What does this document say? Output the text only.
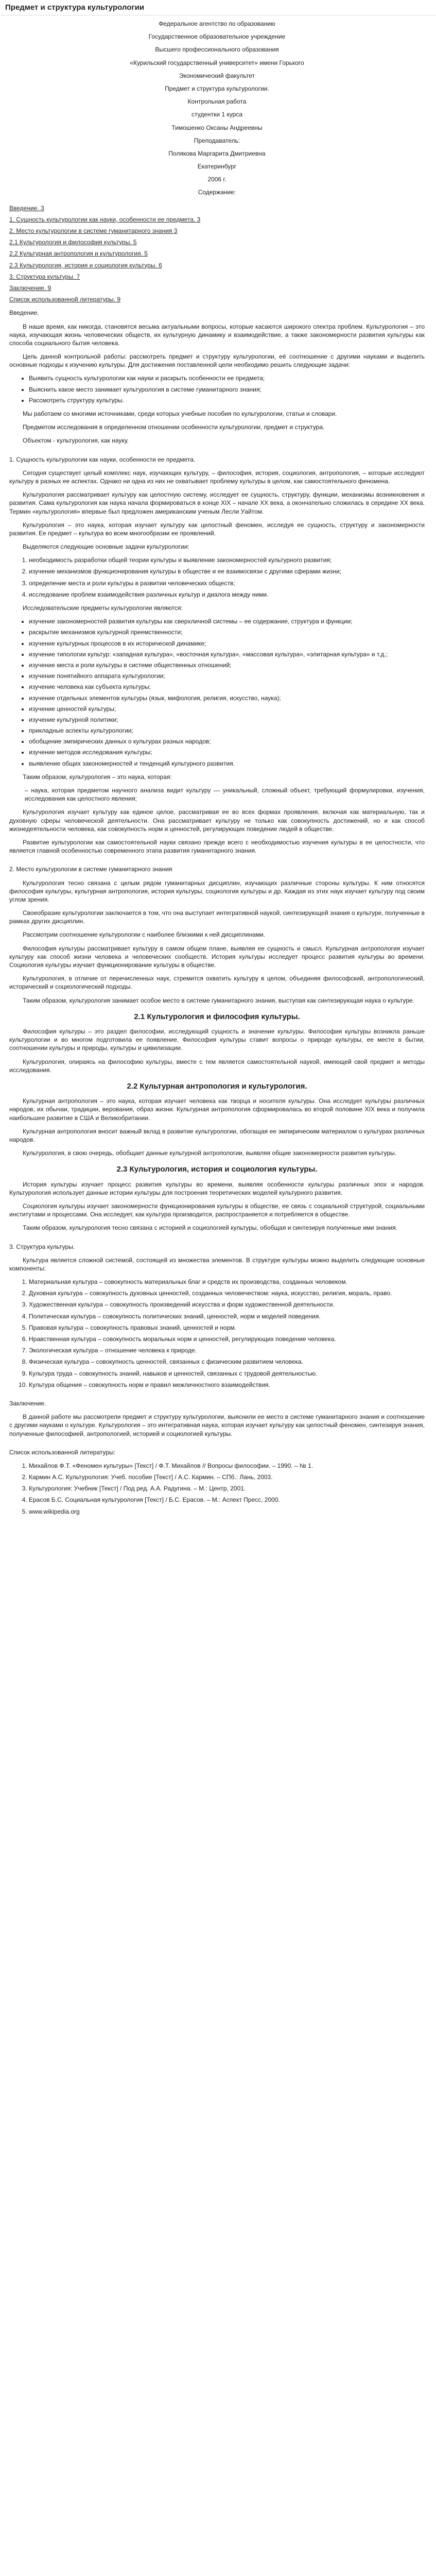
Предмет и структура культурологии

Федеральное агентство по образованию

Государственное образовательное учреждение

Высшего профессионального образования

«Курильский государственный университет» имени Горького

Экономический факультет

Предмет и структура культурологии.

Контрольная работа

студентки 1 курса

Тимошенко Оксаны Андреевны

Преподаватель:

Полякова Маргарита Дмитриевна

Екатеринбург

2006 г.

Содержание:

Введение. 3

1. Сущность культурологии как науки, особенности ее предмета. 3

2. Место культурологии в системе гуманитарного знания 3

2.1 Культурология и философия культуры. 5

2.2 Культурная антропология и культурология. 5

2.3 Культурология, история и социология культуры. 6

3. Структура культуры. 7

Заключение. 9

Список использованной литературы. 9

Введение.

В наше время, как никогда, становятся весьма актуальными вопросы, которые касаются широкого спектра проблем. Культурология – это наука, изучающая жизнь человеческих обществ, их культурную динамику и взаимодействие, а также закономерности развития культуры как способа социального бытия человека.

Цель данной контрольной работы: рассмотреть предмет и структуру культурологии, её соотношение с другими науками и выделить основные подходы к изучению культуры. Для достижения поставленной цели необходимо решить следующие задачи:

• Выявить сущность культурологии как науки и раскрыть особенности ее предмета;
• Выяснить какое место занимает культурология в системе гуманитарного знания;
• Рассмотреть структуру культуры.

Мы работаем со многими источниками, среди которых учебные пособия по культурологии, статьи и словари.

Предметом исследования в определенном отношении особенности культурологии, предмет и структура.

Объектом - культурология, как науку.

1. Сущность культурологии как науки, особенности ее предмета.

Сегодня существует целый комплекс наук, изучающих культуру, – философия, история, социология, антропология, – которые исследуют культуру в разных ее аспектах. Однако ни одна из них не охватывает проблему культуры в целом, как самостоятельного феномена.

Культурология рассматривает культуру как целостную систему, исследует ее сущность, структуру, функции, механизмы возникновения и развития. Сама культурология как наука начала формироваться в конце XIX – начале XX века, а окончательно сложилась в середине XX века. Термин «культурология» впервые был предложен американским ученым Лесли Уайтом.

Культурология – это наука, которая изучает культуру как целостный феномен, исследуя ее сущность, структуру и закономерности развития. Ее предмет – культура во всем многообразии ее проявлений.

Выделяются следующие основные задачи культурологии:

1. необходимость разработки общей теории культуры и выявление закономерностей культурного развития;
2. изучение механизмов функционирования культуры в обществе и ее взаимосвязи с другими сферами жизни;
3. определение места и роли культуры в развитии человеческих обществ;
4. исследование проблем взаимодействия различных культур и диалога между ними.

Исследовательские предметы культурологии являются:

• изучение закономерностей развития культуры как сверхличной системы – ее содержание, структура и функции;
• раскрытие механизмов культурной преемственности;
• изучение культурных процессов в их исторической динамике;
• изучение типологии культур: «западная культура», «восточная культура», «массовая культура», «элитарная культура» и т.д.;
• изучение места и роли культуры в системе общественных отношений;
• изучение понятийного аппарата культурологии;
• изучение человека как субъекта культуры;
• изучение отдельных элементов культуры (язык, мифология, религия, искусство, наука);
• изучение ценностей культуры;
• изучение культурной политики;
• прикладные аспекты культурологии;
• обобщение эмпирических данных о культурах разных народов;
• изучение методов исследования культуры;
• выявление общих закономерностей и тенденций культурного развития.

Таким образом, культурология – это наука, которая:

– наука, которая предметом научного анализа видит культуру — уникальный, сложный объект, требующий формулировки, изучения, исследования как целостного явления;

Культурология изучает культуру как единое целое, рассматривая ее во всех формах проявления, включая как материальную, так и духовную сферы человеческой деятельности. Она рассматривает культуру не только как совокупность достижений, но и как способ жизнедеятельности человека, как совокупность норм и ценностей, регулирующих поведение людей в обществе.

Развитие культурологии как самостоятельной науки связано прежде всего с необходимостью изучения культуры в ее целостности, что является главной особенностью современного этапа развития гуманитарного знания.

2. Место культурологии в системе гуманитарного знания

Культурология тесно связана с целым рядом гуманитарных дисциплин, изучающих различные стороны культуры. К ним относятся философия культуры, культурная антропология, история культуры, социология культуры и др. Каждая из этих наук изучает культуру под своим углом зрения.

Своеобразие культурологии заключается в том, что она выступает интегративной наукой, синтезирующей знания о культуре, полученные в рамках других дисциплин.

Рассмотрим соотношение культурологии с наиболее близкими к ней дисциплинами.

Философия культуры рассматривает культуру в самом общем плане, выявляя ее сущность и смысл. Культурная антропология изучает культуру как способ жизни человека и человеческих сообществ. История культуры исследует процесс развития культуры во времени. Социология культуры изучает функционирование культуры в обществе.

Культурология, в отличие от перечисленных наук, стремится охватить культуру в целом, объединяя философский, антропологический, исторический и социологический подходы.

Таким образом, культурология занимает особое место в системе гуманитарного знания, выступая как синтезирующая наука о культуре.

2.1 Культурология и философия культуры.

Философия культуры – это раздел философии, исследующий сущность и значение культуры. Философия культуры возникла раньше культурологии и во многом подготовила ее появление. Философия культуры ставит вопросы о природе культуры, ее месте в бытии, соотношении культуры и природы, культуры и цивилизации.

Культурология, опираясь на философию культуры, вместе с тем является самостоятельной наукой, имеющей свой предмет и методы исследования.

2.2 Культурная антропология и культурология.

Культурная антропология – это наука, которая изучает человека как творца и носителя культуры. Она исследует культуры различных народов, их обычаи, традиции, верования, образ жизни. Культурная антропология сформировалась во второй половине XIX века и получила наибольшее развитие в США и Великобритании.

Культурная антропология вносит важный вклад в развитие культурологии, обогащая ее эмпирическим материалом о культурах различных народов.

Культурология, в свою очередь, обобщает данные культурной антропологии, выявляя общие закономерности развития культуры.

2.3 Культурология, история и социология культуры.

История культуры изучает процесс развития культуры во времени, выявляя особенности культуры различных эпох и народов. Культурология использует данные истории культуры для построения теоретических моделей культурного развития.

Социология культуры изучает закономерности функционирования культуры в обществе, ее связь с социальной структурой, социальными институтами и процессами. Она исследует, как культура производится, распространяется и потребляется в обществе.

Таким образом, культурология тесно связана с историей и социологией культуры, обобщая и синтезируя полученные ими знания.

3. Структура культуры.

Культура является сложной системой, состоящей из множества элементов. В структуре культуры можно выделить следующие основные компоненты:

1. Материальная культура – совокупность материальных благ и средств их производства, созданных человеком.
2. Духовная культура – совокупность духовных ценностей, созданных человечеством: наука, искусство, религия, мораль, право.
3. Художественная культура – совокупность произведений искусства и форм художественной деятельности.
4. Политическая культура – совокупность политических знаний, ценностей, норм и моделей поведения.
5. Правовая культура – совокупность правовых знаний, ценностей и норм.
6. Нравственная культура – совокупность моральных норм и ценностей, регулирующих поведение человека.
7. Экологическая культура – отношение человека к природе.
8. Физическая культура – совокупность ценностей, связанных с физическим развитием человека.
9. Культура труда – совокупность знаний, навыков и ценностей, связанных с трудовой деятельностью.
10. Культура общения – совокупность норм и правил межличностного взаимодействия.

Заключение.

В данной работе мы рассмотрели предмет и структуру культурологии, выяснили ее место в системе гуманитарного знания и соотношение с другими науками о культуре. Культурология – это интегративная наука, которая изучает культуру как целостный феномен, синтезируя знания, полученные философией, антропологией, историей и социологией культуры.

Список использованной литературы:

1. Михайлов Ф.Т. «Феномен культуры» [Текст] / Ф.Т. Михайлов // Вопросы философии. – 1990. – № 1.
2. Кармин А.С. Культурология: Учеб. пособие [Текст] / А.С. Кармин. – СПб.: Лань, 2003.
3. Культурология: Учебник [Текст] / Под ред. А.А. Радугина. – М.: Центр, 2001.
4. Ерасов Б.С. Социальная культурология [Текст] / Б.С. Ерасов. – М.: Аспект Пресс, 2000.
5. www.wikipedia.org
